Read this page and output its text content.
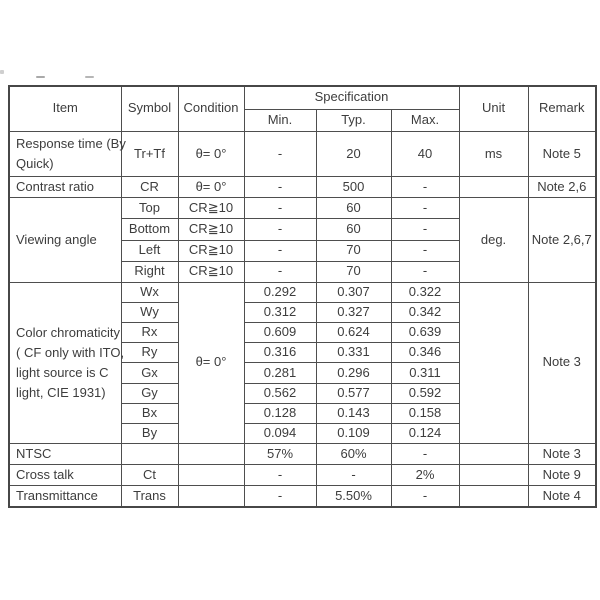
Item	Symbol	Condition	Specification			Unit	Remark
			Min.	Typ.	Max.		

Response time (By
Quick)	Tr+Tf	θ= 0°	-	20	40	ms	Note 5
Contrast ratio	CR	θ= 0°	-	500	-		Note 2,6
Viewing angle	Top	CR≧10	-	60	-	deg.	Note 2,6,7
	Bottom	CR≧10	-	60	-		
	Left	CR≧10	-	70	-		
	Right	CR≧10	-	70	-		

Color chromaticity
( CF only with ITO,
light source is C
light, CIE 1931)	Wx	θ= 0°	0.292	0.307	0.322		Note 3
	Wy		0.312	0.327	0.342		
	Rx		0.609	0.624	0.639		
	Ry		0.316	0.331	0.346		
	Gx		0.281	0.296	0.311		
	Gy		0.562	0.577	0.592		
	Bx		0.128	0.143	0.158		
	By		0.094	0.109	0.124		
NTSC			57%	60%	-		Note 3
Cross talk	Ct		-	-	2%		Note 9
Transmittance	Trans		-	5.50%	-		Note 4
